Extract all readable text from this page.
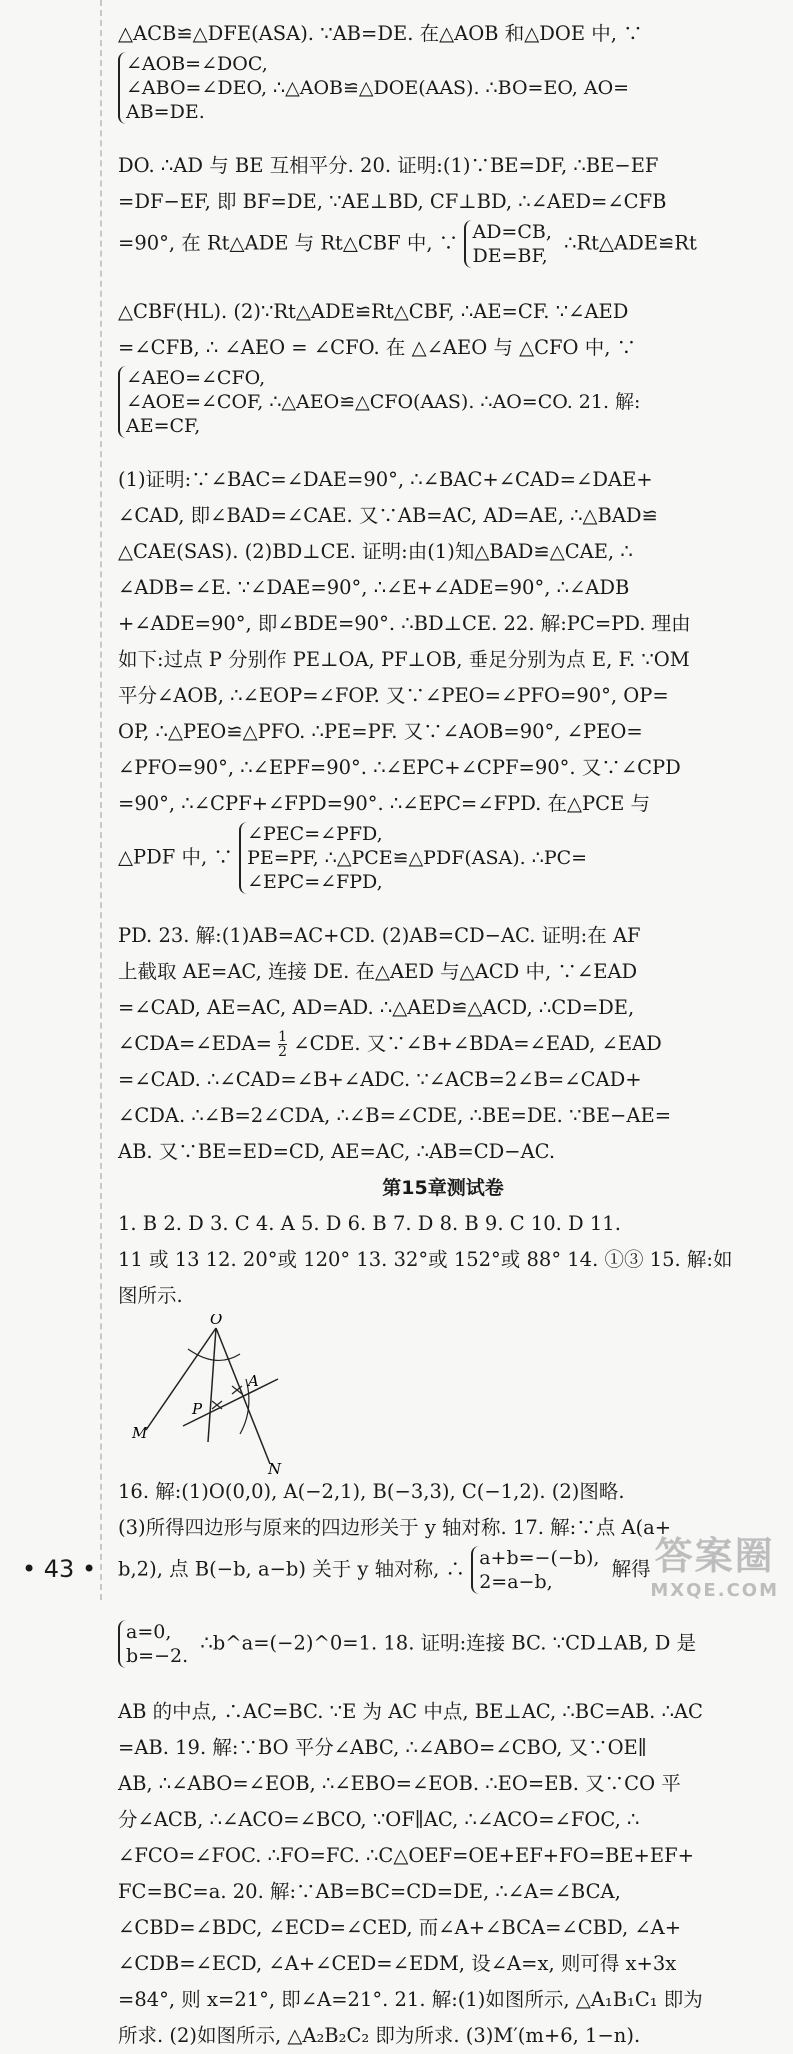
△ACB≌△DFE(ASA). ∵AB=DE. 在△AOB 和△DOE 中, ∵
∠AOB=∠DOC,
∠ABO=∠DEO, ∴△AOB≌△DOE(AAS). ∴BO=EO, AO=
AB=DE.
DO. ∴AD 与 BE 互相平分. 20. 证明:(1)∵BE=DF, ∴BE−EF
=DF−EF, 即 BF=DE, ∵AE⊥BD, CF⊥BD, ∴∠AED=∠CFB
=90°, 在 Rt△ADE 与 Rt△CBF 中, ∵ AD=CB,
DE=BF,
∴Rt△ADE≌Rt
△CBF(HL). (2)∵Rt△ADE≌Rt△CBF, ∴AE=CF. ∵∠AED
=∠CFB, ∴ ∠AEO = ∠CFO. 在 △∠AEO 与 △CFO 中, ∵
∠AEO=∠CFO,
∠AOE=∠COF, ∴△AEO≌△CFO(AAS). ∴AO=CO. 21. 解:
AE=CF,
(1)证明:∵∠BAC=∠DAE=90°, ∴∠BAC+∠CAD=∠DAE+
∠CAD, 即∠BAD=∠CAE. 又∵AB=AC, AD=AE, ∴△BAD≌
△CAE(SAS). (2)BD⊥CE. 证明:由(1)知△BAD≌△CAE, ∴
∠ADB=∠E. ∵∠DAE=90°, ∴∠E+∠ADE=90°, ∴∠ADB
+∠ADE=90°, 即∠BDE=90°. ∴BD⊥CE. 22. 解:PC=PD. 理由
如下:过点 P 分别作 PE⊥OA, PF⊥OB, 垂足分别为点 E, F. ∵OM
平分∠AOB, ∴∠EOP=∠FOP. 又∵∠PEO=∠PFO=90°, OP=
OP, ∴△PEO≌△PFO. ∴PE=PF. 又∵∠AOB=90°, ∠PEO=
∠PFO=90°, ∴∠EPF=90°. ∴∠EPC+∠CPF=90°. 又∵∠CPD
=90°, ∴∠CPF+∠FPD=90°. ∴∠EPC=∠FPD. 在△PCE 与
△PDF 中, ∵
∠PEC=∠PFD,
PE=PF, ∴△PCE≌△PDF(ASA). ∴PC=
∠EPC=∠FPD,
PD. 23. 解:(1)AB=AC+CD. (2)AB=CD−AC. 证明:在 AF
上截取 AE=AC, 连接 DE. 在△AED 与△ACD 中, ∵∠EAD
=∠CAD, AE=AC, AD=AD. ∴△AED≌△ACD, ∴CD=DE,
∠CDA=∠EDA= $\frac{1}{2}$ ∠CDE. 又∵∠B+∠BDA=∠EAD, ∠EAD
=∠CAD. ∴∠CAD=∠B+∠ADC. ∵∠ACB=2∠B=∠CAD+
∠CDA. ∴∠B=2∠CDA, ∴∠B=∠CDE, ∴BE=DE. ∵BE−AE=
AB. 又∵BE=ED=CD, AE=AC, ∴AB=CD−AC.
第15章测试卷
1. B 2. D 3. C 4. A 5. D 6. B 7. D 8. B 9. C 10. D 11.
11 或 13 12. 20°或 120° 13. 32°或 152°或 88° 14. ①③ 15. 解:如
图所示.
O
A
P
M
N
16. 解:(1)O(0,0), A(−2,1), B(−3,3), C(−1,2). (2)图略.
(3)所得四边形与原来的四边形关于 y 轴对称. 17. 解:∵点 A(a+
b,2), 点 B(−b, a−b) 关于 y 轴对称, ∴ a+b=−(−b),
2=a−b,
解得
a=0,
b=−2.
∴b^a=(−2)^0=1. 18. 证明:连接 BC. ∵CD⊥AB, D 是
AB 的中点, ∴AC=BC. ∵E 为 AC 中点, BE⊥AC, ∴BC=AB. ∴AC
=AB. 19. 解:∵BO 平分∠ABC, ∴∠ABO=∠CBO, 又∵OE∥
AB, ∴∠ABO=∠EOB, ∴∠EBO=∠EOB. ∴EO=EB. 又∵CO 平
分∠ACB, ∴∠ACO=∠BCO, ∵OF∥AC, ∴∠ACO=∠FOC, ∴
∠FCO=∠FOC. ∴FO=FC. ∴C△OEF=OE+EF+FO=BE+EF+
FC=BC=a. 20. 解:∵AB=BC=CD=DE, ∴∠A=∠BCA,
∠CBD=∠BDC, ∠ECD=∠CED, 而∠A+∠BCA=∠CBD, ∠A+
∠CDB=∠ECD, ∠A+∠CED=∠EDM, 设∠A=x, 则可得 x+3x
=84°, 则 x=21°, 即∠A=21°. 21. 解:(1)如图所示, △A₁B₁C₁ 即为
所求. (2)如图所示, △A₂B₂C₂ 即为所求. (3)M′(m+6, 1−n).
• 43 •	答案圈
MXQE.COM
